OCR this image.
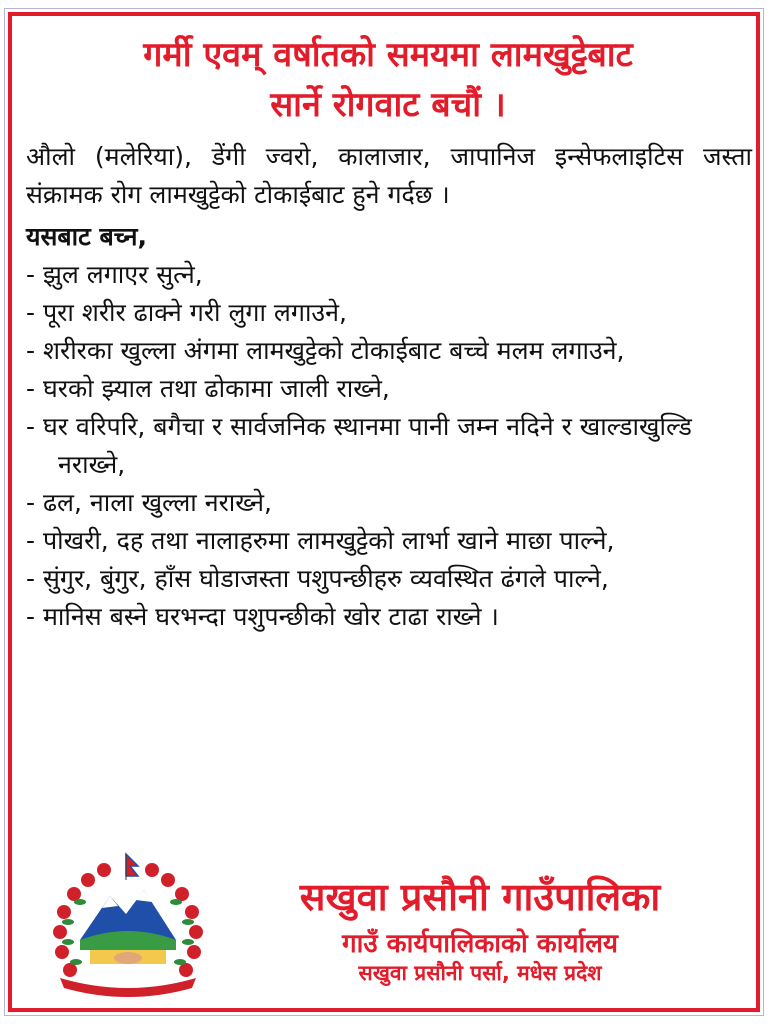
गर्मी एवम् वर्षातको समयमा लामखुट्टेबाट
सार्ने रोगवाट बचौं ।

औलो (मलेरिया), डेंगी ज्वरो, कालाजार, जापानिज इन्सेफलाइटिस जस्ता संक्रामक रोग लामखुट्टेको टोकाईबाट हुने गर्दछ ।

यसबाट बच्न,

- झुल लगाएर सुत्ने,
- पूरा शरीर ढाक्ने गरी लुगा लगाउने,
- शरीरका खुल्ला अंगमा लामखुट्टेको टोकाईबाट बच्चे मलम लगाउने,
- घरको झ्याल तथा ढोकामा जाली राख्ने,
- घर वरिपरि, बगैचा र सार्वजनिक स्थानमा पानी जम्न नदिने र खाल्डाखुल्डि नराख्ने,
- ढल, नाला खुल्ला नराख्ने,
- पोखरी, दह तथा नालाहरुमा लामखुट्टेको लार्भा खाने माछा पाल्ने,
- सुंगुर, बुंगुर, हाँस घोडाजस्ता पशुपन्छीहरु व्यवस्थित ढंगले पाल्ने,
- मानिस बस्ने घरभन्दा पशुपन्छीको खोर टाढा राख्ने ।

सखुवा प्रसौनी गाउँपालिका

गाउँ कार्यपालिकाको कार्यालय

सखुवा प्रसौनी पर्सा, मधेस प्रदेश
